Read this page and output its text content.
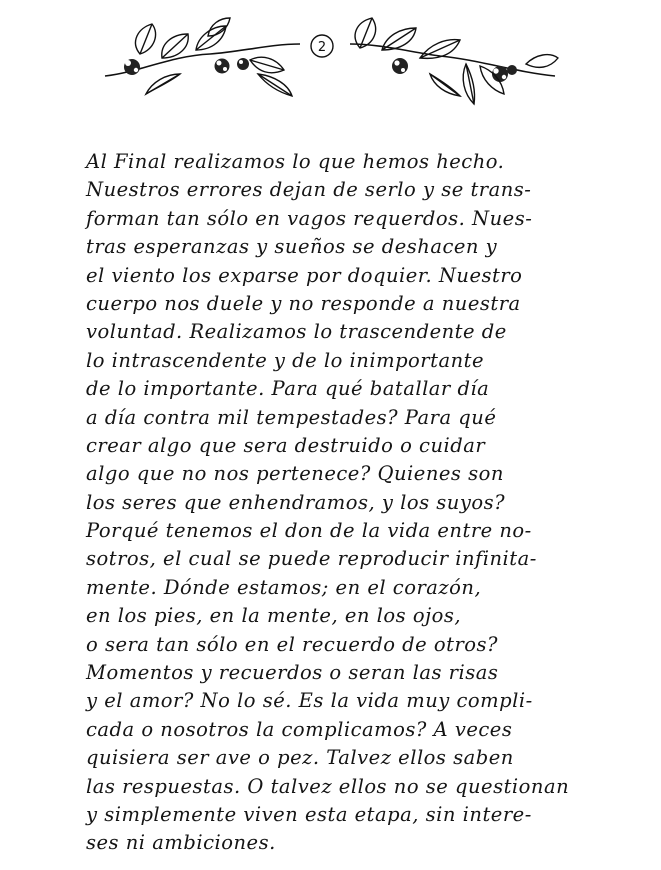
2
Al Final realizamos lo que hemos hecho.
Nuestros errores dejan de serlo y se trans-
forman tan sólo en vagos requerdos. Nues-
tras esperanzas y sueños se deshacen y
el viento los exparse por doquier. Nuestro
cuerpo nos duele y no responde a nuestra
voluntad. Realizamos lo trascendente de
lo intrascendente y de lo inimportante
de lo importante. Para qué batallar día
a día contra mil tempestades? Para qué
crear algo que sera destruido o cuidar
algo que no nos pertenece? Quienes son
los seres que enhendramos, y los suyos?
Porqué tenemos el don de la vida entre no-
sotros, el cual se puede reproducir infinita-
mente. Dónde estamos; en el corazón,
en los pies, en la mente, en los ojos,
o sera tan sólo en el recuerdo de otros?
Momentos y recuerdos o seran las risas
y el amor? No lo sé. Es la vida muy compli-
cada o nosotros la complicamos? A veces
quisiera ser ave o pez. Talvez ellos saben
las respuestas. O talvez ellos no se questionan
y simplemente viven esta etapa, sin intere-
ses ni ambiciones.
